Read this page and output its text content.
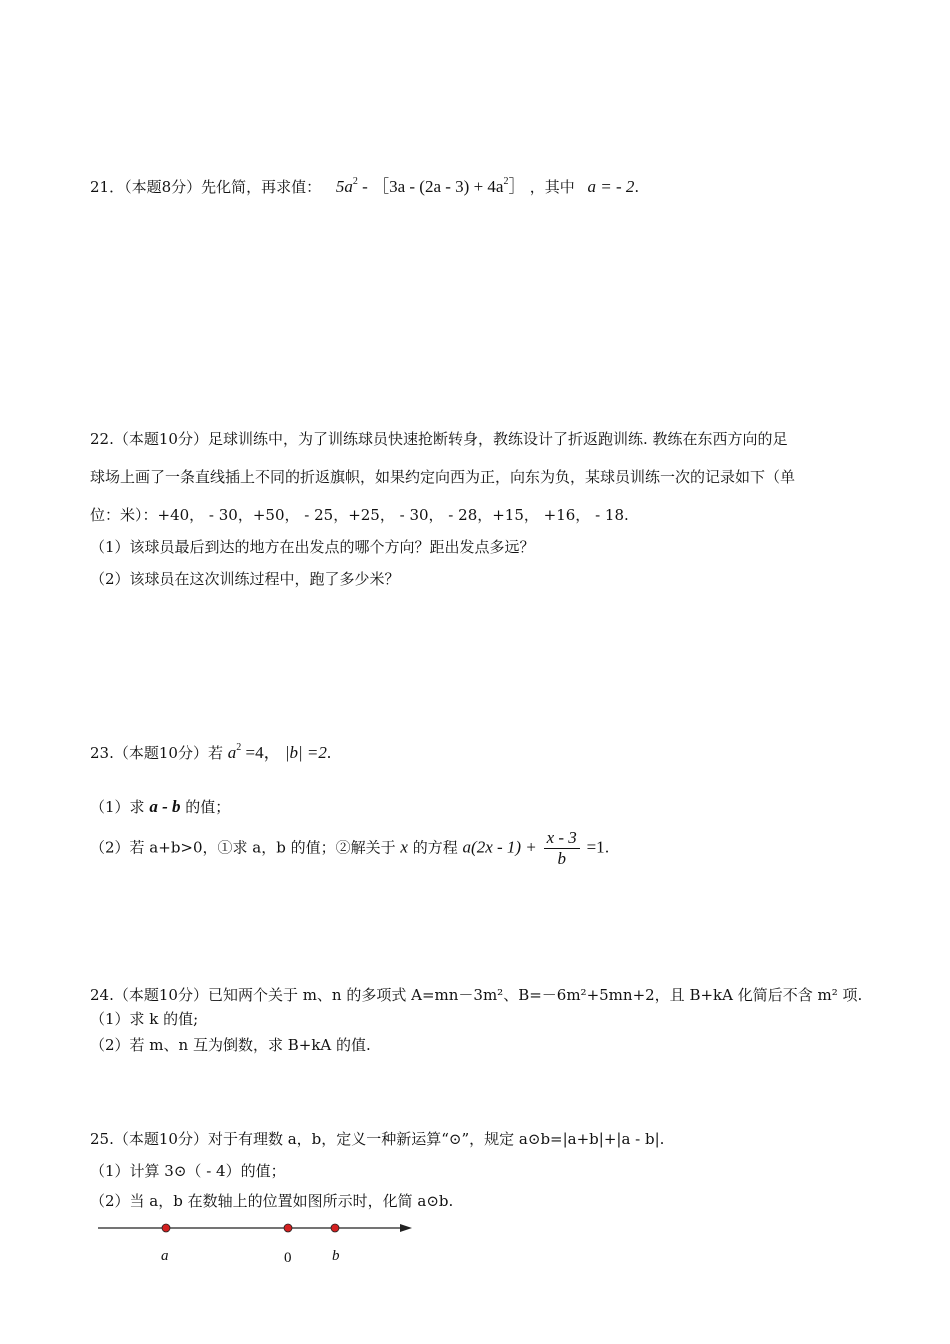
21．（本题8分）先化简，再求值： $5a^2$ - ［3a - $(2a - 3) + 4a^2]$ ，其中 a = - 2.
22.（本题10分）足球训练中，为了训练球员快速抢断转身，教练设计了折返跑训练. 教练在东西方向的足
球场上画了一条直线插上不同的折返旗帜，如果约定向西为正，向东为负，某球员训练一次的记录如下（单
位：米）：+40， - 30，+50， - 25，+25， - 30， - 28，+15， +16， - 18.
（1）该球员最后到达的地方在出发点的哪个方向？距出发点多远？
（2）该球员在这次训练过程中，跑了多少米？
23.（本题10分）若 $a^2 =4$， |b| =2.
（1）求 a - b 的值；
（2）若 a+b>0，①求 a，b 的值；②解关于 x 的方程 $a(2x - 1) + \frac{x - 3}{b} =1$.
24.（本题10分）已知两个关于 m、n 的多项式 A=mn－3m²、B=－6m²+5mn+2，且 B+kA 化简后不含 m² 项.
（1）求 k 的值;
（2）若 m、n 互为倒数，求 B+kA 的值.
25.（本题10分）对于有理数 a，b，定义一种新运算“⊙”，规定 a⊙b=|a+b|+|a - b|.
（1）计算 3⊙（ - 4）的值；
（2）当 a，b 在数轴上的位置如图所示时，化简 a⊙b.
a	0	b
